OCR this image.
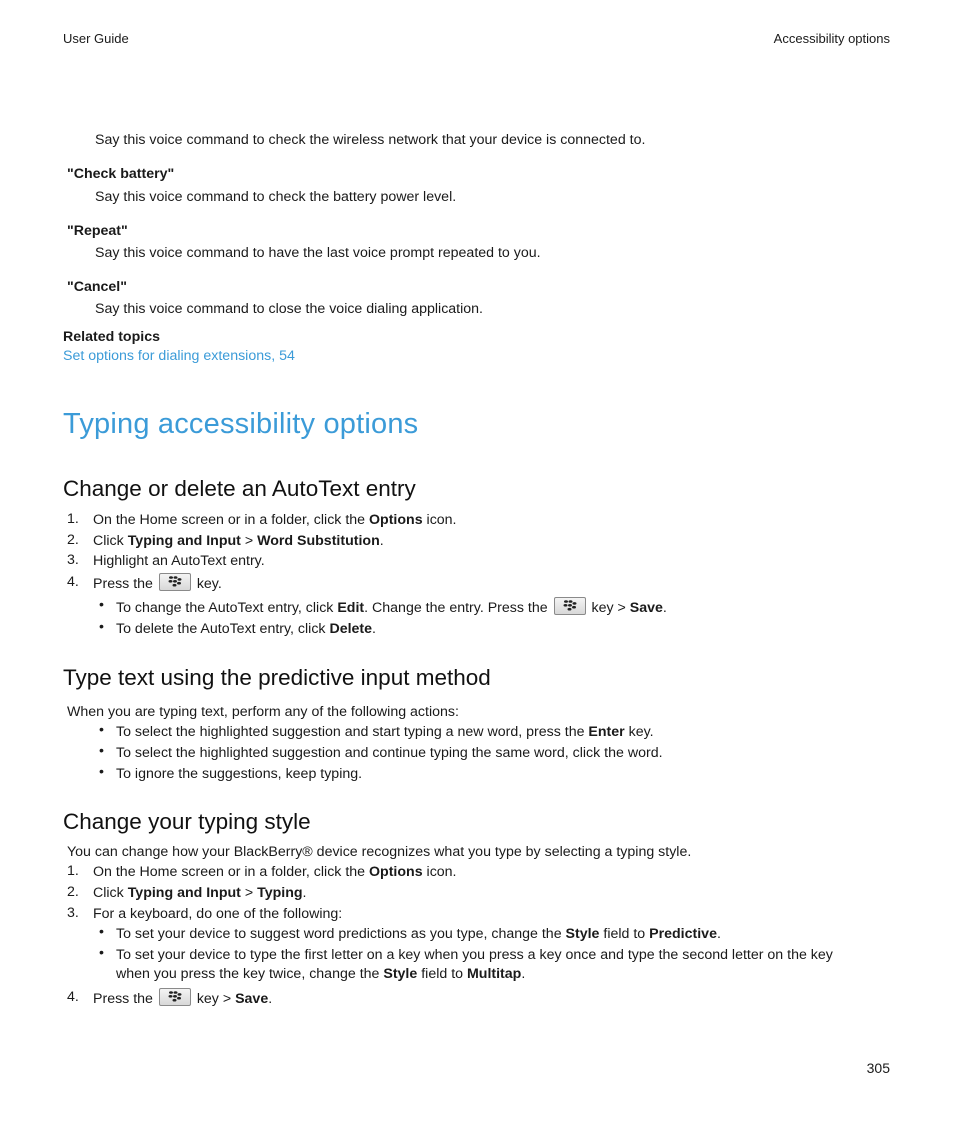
User Guide	Accessibility options
Say this voice command to check the wireless network that your device is connected to.
"Check battery"
Say this voice command to check the battery power level.
"Repeat"
Say this voice command to have the last voice prompt repeated to you.
"Cancel"
Say this voice command to close the voice dialing application.
Related topics
Set options for dialing extensions, 54
Typing accessibility options
Change or delete an AutoText entry
1. On the Home screen or in a folder, click the Options icon.
2. Click Typing and Input > Word Substitution.
3. Highlight an AutoText entry.
4. Press the	key.
• To change the AutoText entry, click Edit. Change the entry. Press the	key > Save.
• To delete the AutoText entry, click Delete.
Type text using the predictive input method
When you are typing text, perform any of the following actions:
• To select the highlighted suggestion and start typing a new word, press the Enter key.
• To select the highlighted suggestion and continue typing the same word, click the word.
• To ignore the suggestions, keep typing.
Change your typing style
You can change how your BlackBerry® device recognizes what you type by selecting a typing style.
1. On the Home screen or in a folder, click the Options icon.
2. Click Typing and Input > Typing.
3. For a keyboard, do one of the following:
• To set your device to suggest word predictions as you type, change the Style field to Predictive.
• To set your device to type the first letter on a key when you press a key once and type the second letter on the key
when you press the key twice, change the Style field to Multitap.
4. Press the	key > Save.
305
